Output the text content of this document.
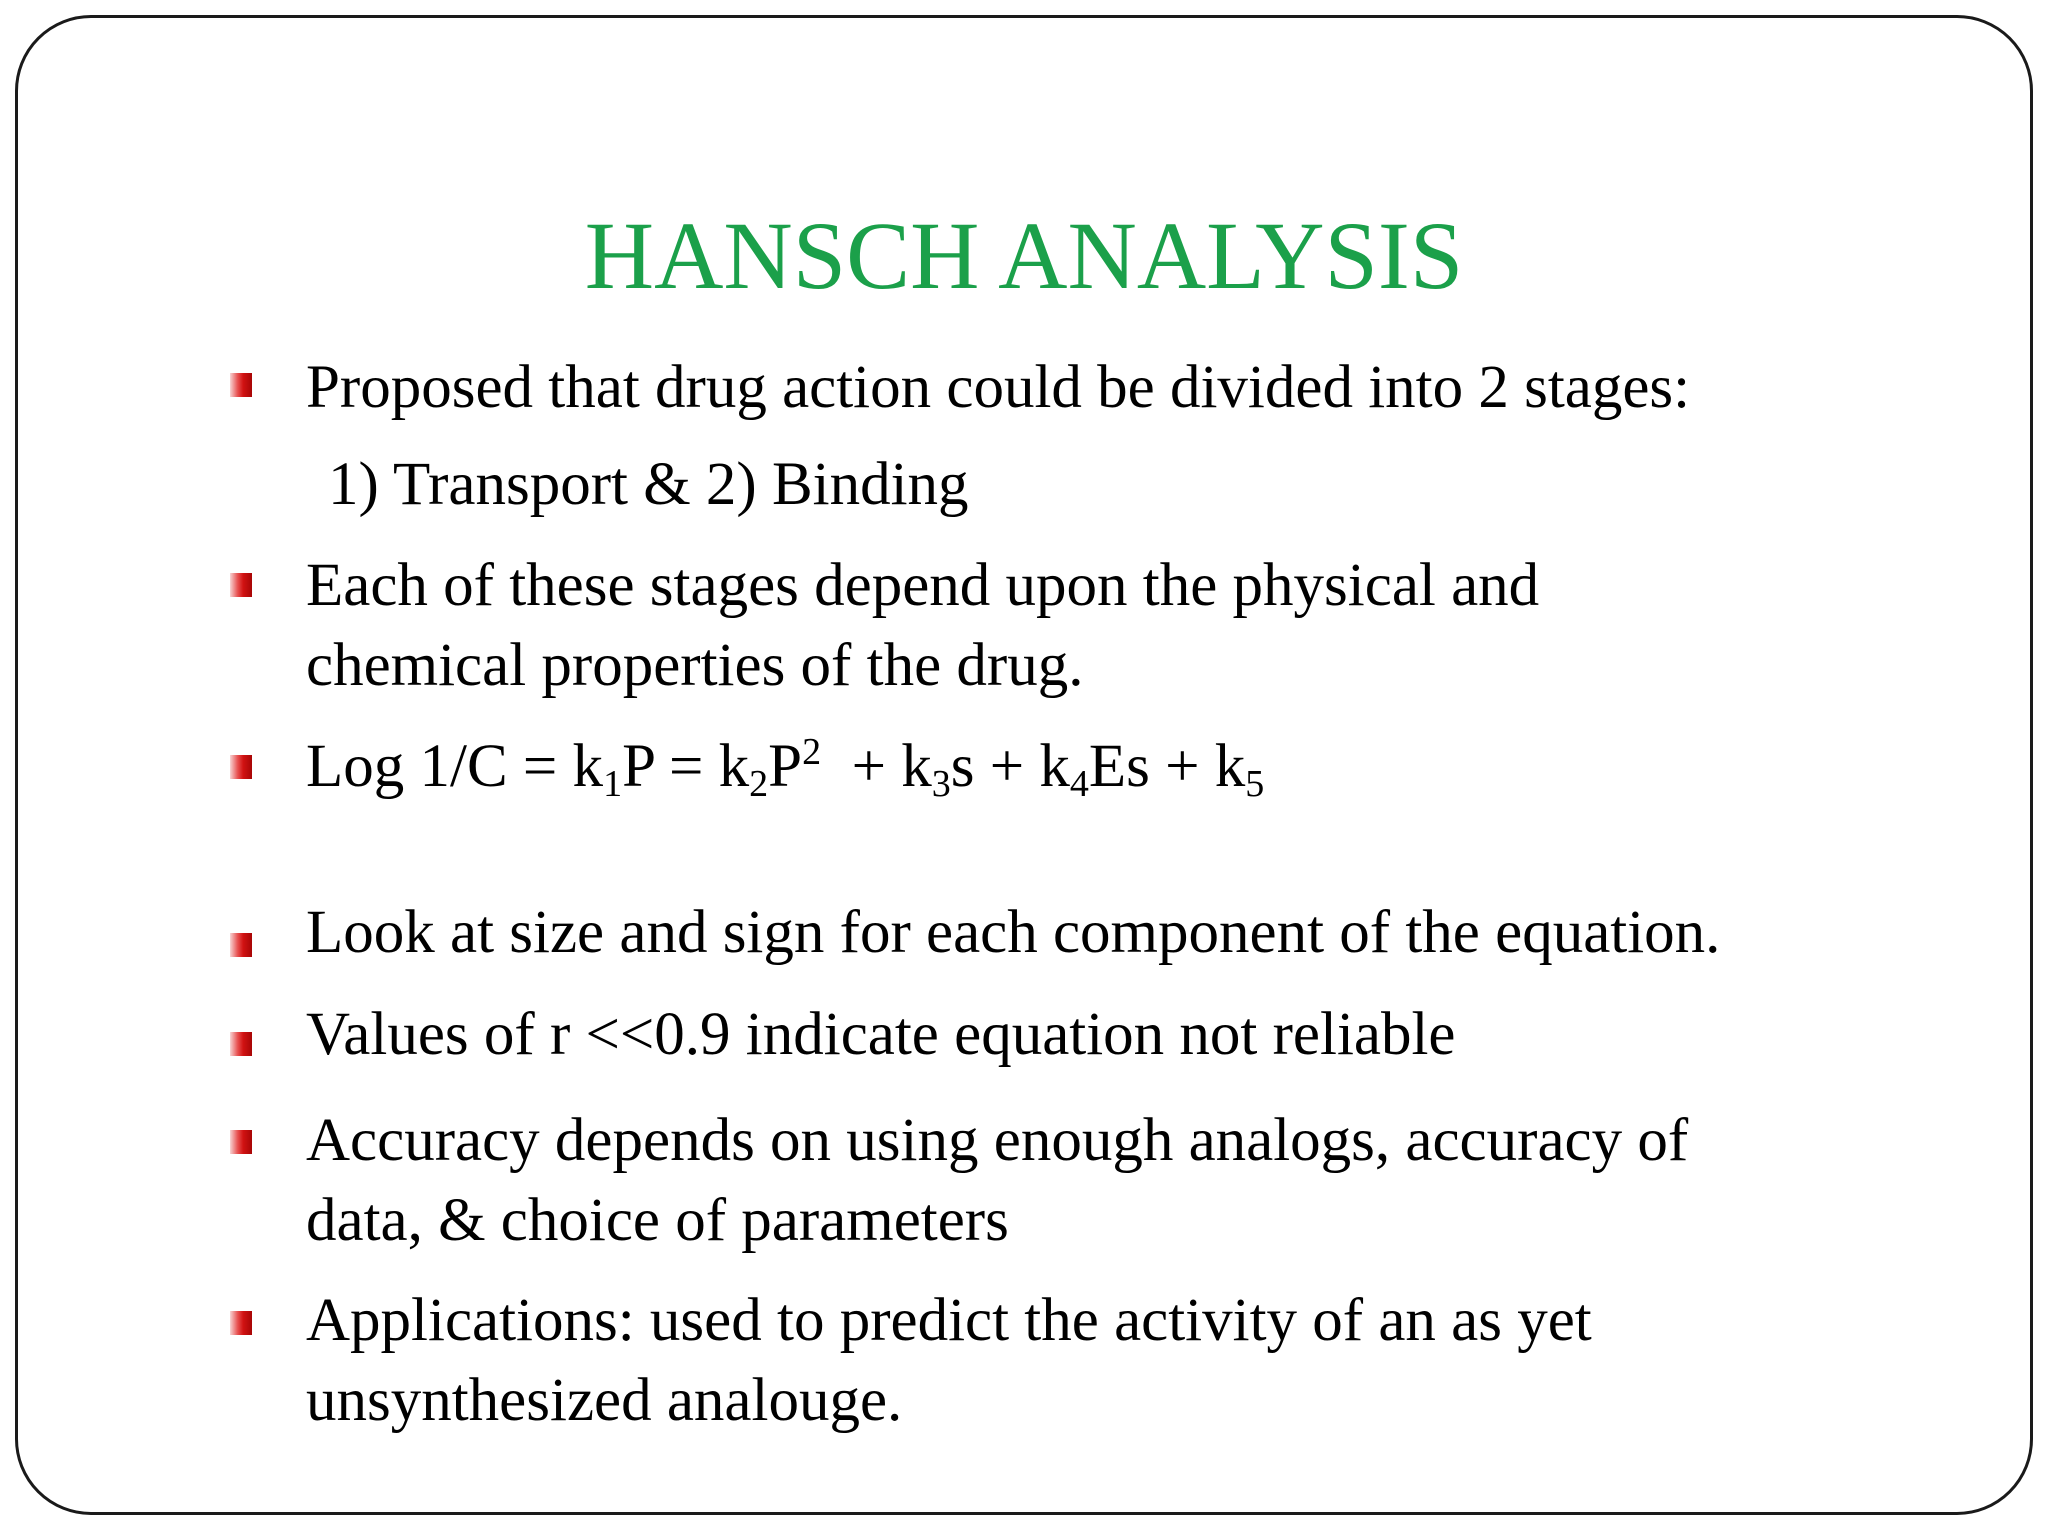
HANSCH ANALYSIS
Proposed that drug action could be divided into 2 stages:
1) Transport & 2) Binding
Each of these stages depend upon the physical and
chemical properties of the drug.
Log $1/C = k_1P = k_2P^2 + k_3s + k_4Es + k_5$
Look at size and sign for each component of the equation.
Values of r <<0.9 indicate equation not reliable
Accuracy depends on using enough analogs, accuracy of
data, & choice of parameters
Applications: used to predict the activity of an as yet
unsynthesized analouge.
